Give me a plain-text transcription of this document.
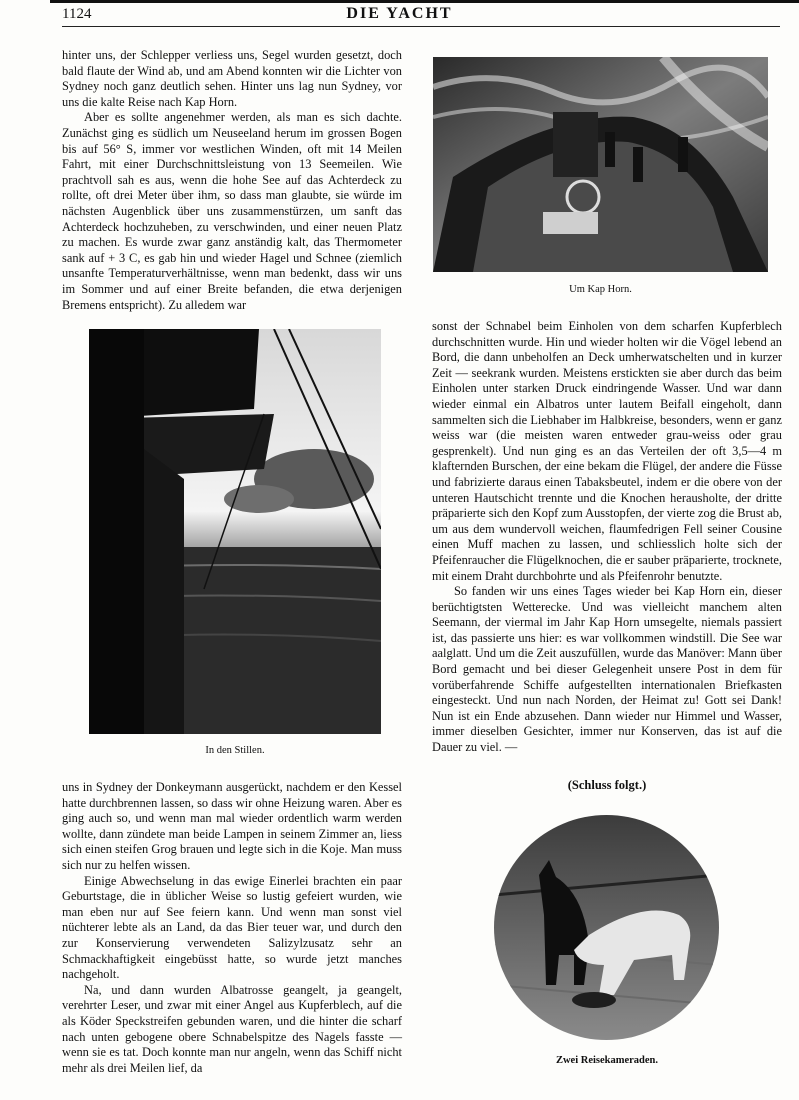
1124	DIE YACHT

hinter uns, der Schlepper verliess uns, Segel wurden gesetzt, doch bald flaute der Wind ab, und am Abend konnten wir die Lichter von Sydney noch ganz deutlich sehen. Hinter uns lag nun Sydney, vor uns die kalte Reise nach Kap Horn.

Aber es sollte angenehmer werden, als man es sich dachte. Zunächst ging es südlich um Neuseeland herum im grossen Bogen bis auf 56° S, immer vor westlichen Winden, oft mit 14 Meilen Fahrt, mit einer Durchschnittsleistung von 13 Seemeilen. Wie prachtvoll sah es aus, wenn die hohe See auf das Achterdeck zu rollte, oft drei Meter über ihm, so dass man glaubte, sie würde im nächsten Augenblick über uns zusammenstürzen, um sanft das Achterdeck hochzuheben, zu verschwinden, und einer neuen Platz zu machen. Es wurde zwar ganz anständig kalt, das Thermometer sank auf + 3 C, es gab hin und wieder Hagel und Schnee (ziemlich unsanfte Temperaturverhältnisse, wenn man bedenkt, dass wir uns im Sommer und auf einer Breite befanden, die etwa derjenigen Bremens entspricht). Zu alledem war

Um Kap Horn.
In den Stillen.

uns in Sydney der Donkeymann ausgerückt, nachdem er den Kessel hatte durchbrennen lassen, so dass wir ohne Heizung waren. Aber es ging auch so, und wenn man mal wieder ordentlich warm werden wollte, dann zündete man beide Lampen in seinem Zimmer an, liess sich einen steifen Grog brauen und legte sich in die Koje. Man muss sich nur zu helfen wissen.

Einige Abwechselung in das ewige Einerlei brachten ein paar Geburtstage, die in üblicher Weise so lustig gefeiert wurden, wie man eben nur auf See feiern kann. Und wenn man sonst viel nüchterer lebte als an Land, da das Bier teuer war, und durch den zur Konservierung verwendeten Salizylzusatz sehr an Schmackhaftigkeit eingebüsst hatte, so wurde jetzt manches nachgeholt.

Na, und dann wurden Albatrosse geangelt, ja geangelt, verehrter Leser, und zwar mit einer Angel aus Kupferblech, auf die als Köder Speckstreifen gebunden waren, und die hinter die scharf nach unten gebogene obere Schnabelspitze des Nagels fasste — wenn sie es tat. Doch konnte man nur angeln, wenn das Schiff nicht mehr als drei Meilen lief, da

sonst der Schnabel beim Einholen von dem scharfen Kupferblech durchschnitten wurde. Hin und wieder holten wir die Vögel lebend an Bord, die dann unbeholfen an Deck umherwatschelten und in kurzer Zeit — seekrank wurden. Meistens erstickten sie aber durch das beim Einholen unter starken Druck eindringende Wasser. Und war dann wieder einmal ein Albatros unter lautem Beifall eingeholt, dann sammelten sich die Liebhaber im Halbkreise, besonders, wenn er ganz weiss war (die meisten waren entweder grau-weiss oder grau gesprenkelt). Und nun ging es an das Verteilen der oft 3,5—4 m klafternden Burschen, der eine bekam die Flügel, der andere die Füsse und fabrizierte daraus einen Tabaksbeutel, indem er die obere von der unteren Hautschicht trennte und die Knochen herausholte, der dritte präparierte sich den Kopf zum Ausstopfen, der vierte zog die Brust ab, um aus dem wundervoll weichen, flaumfedrigen Fell seiner Cousine einen Muff machen zu lassen, und schliesslich holte sich der Pfeifenraucher die Flügelknochen, die er sauber präparierte, trocknete, mit einem Draht durchbohrte und als Pfeifenrohr benutzte.

So fanden wir uns eines Tages wieder bei Kap Horn ein, dieser berüchtigtsten Wetterecke. Und was vielleicht manchem alten Seemann, der viermal im Jahr Kap Horn umsegelte, niemals passiert ist, das passierte uns hier: es war vollkommen windstill. Die See war aalglatt. Und um die Zeit auszufüllen, wurde das Manöver: Mann über Bord gemacht und bei dieser Gelegenheit unsere Post in dem für vorüberfahrende Schiffe aufgestellten internationalen Briefkasten eingesteckt. Und nun nach Norden, der Heimat zu! Gott sei Dank! Nun ist ein Ende abzusehen. Dann wieder nur Himmel und Wasser, immer dieselben Gesichter, immer nur Konserven, das ist auf die Dauer zu viel. —

(Schluss folgt.)
Zwei Reisekameraden.
